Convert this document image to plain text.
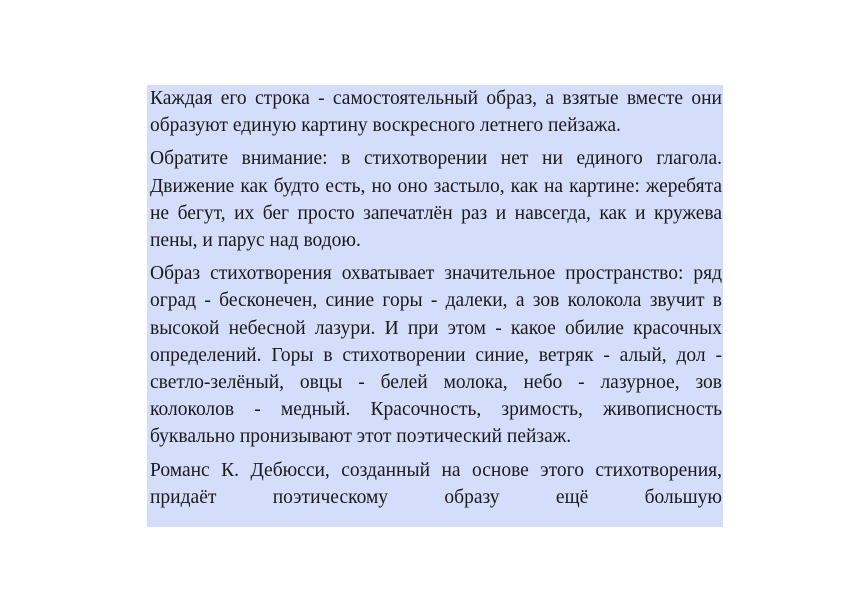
Каждая его строка - самостоятельный образ, а взятые вместе они образуют единую картину воскресного летнего пейзажа.

Обратите внимание: в стихотворении нет ни единого глагола. Движение как будто есть, но оно застыло, как на картине: жеребята не бегут, их бег просто запечатлён раз и навсегда, как и кружева пены, и парус над водою.

Образ стихотворения охватывает значительное пространство: ряд оград - бесконечен, синие горы - далеки, а зов колокола звучит в высокой небесной лазури. И при этом - какое обилие красочных определений. Горы в стихотворении синие, ветряк - алый, дол - светло-зелёный, овцы - белей молока, небо - лазурное, зов колоколов - медный. Красочность, зримость, живописность буквально пронизывают этот поэтический пейзаж.

Романс К. Дебюсси, созданный на основе этого стихотворения, придаёт поэтическому образу ещё большую
